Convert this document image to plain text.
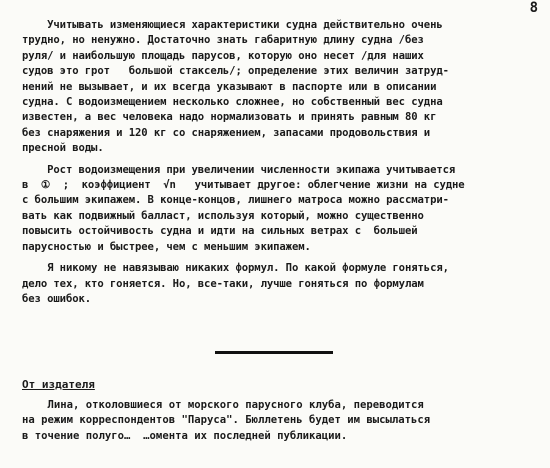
8
Учитывать изменяющиеся характеристики судна действительно очень
трудно, но ненужно. Достаточно знать габаритную длину судна /без
руля/ и наибольшую площадь парусов, которую оно несет /для наших
судов это грот   большой стаксель/; определение этих величин затруд-
нений не вызывает, и их всегда указывают в паспорте или в описании
судна. С водоизмещением несколько сложнее, но собственный вес судна
известен, а вес человека надо нормализовать и принять равным 80 кг
без снаряжения и 120 кг со снаряжением, запасами продовольствия и
пресной воды.
Рост водоизмещения при увеличении численности экипажа учитывается
в  ①  ;  коэффициент  √n   учитывает другое: облегчение жизни на судне
с большим экипажем. В конце-концов, лишнего матроса можно рассматри-
вать как подвижный балласт, используя который, можно существенно
повысить остойчивость судна и идти на сильных ветрах с  большей
парусностью и быстрее, чем с меньшим экипажем.
Я никому не навязываю никаких формул. По какой формуле гоняться,
дело тех, кто гоняется. Но, все-таки, лучше гоняться по формулам
без ошибок.
От издателя
Лина, отколовшиеся от морского парусного клуба, переводится
на режим корреспондентов "Паруса". Бюллетень будет им высылаться
в точение полуго…  …омента их последней публикации.
